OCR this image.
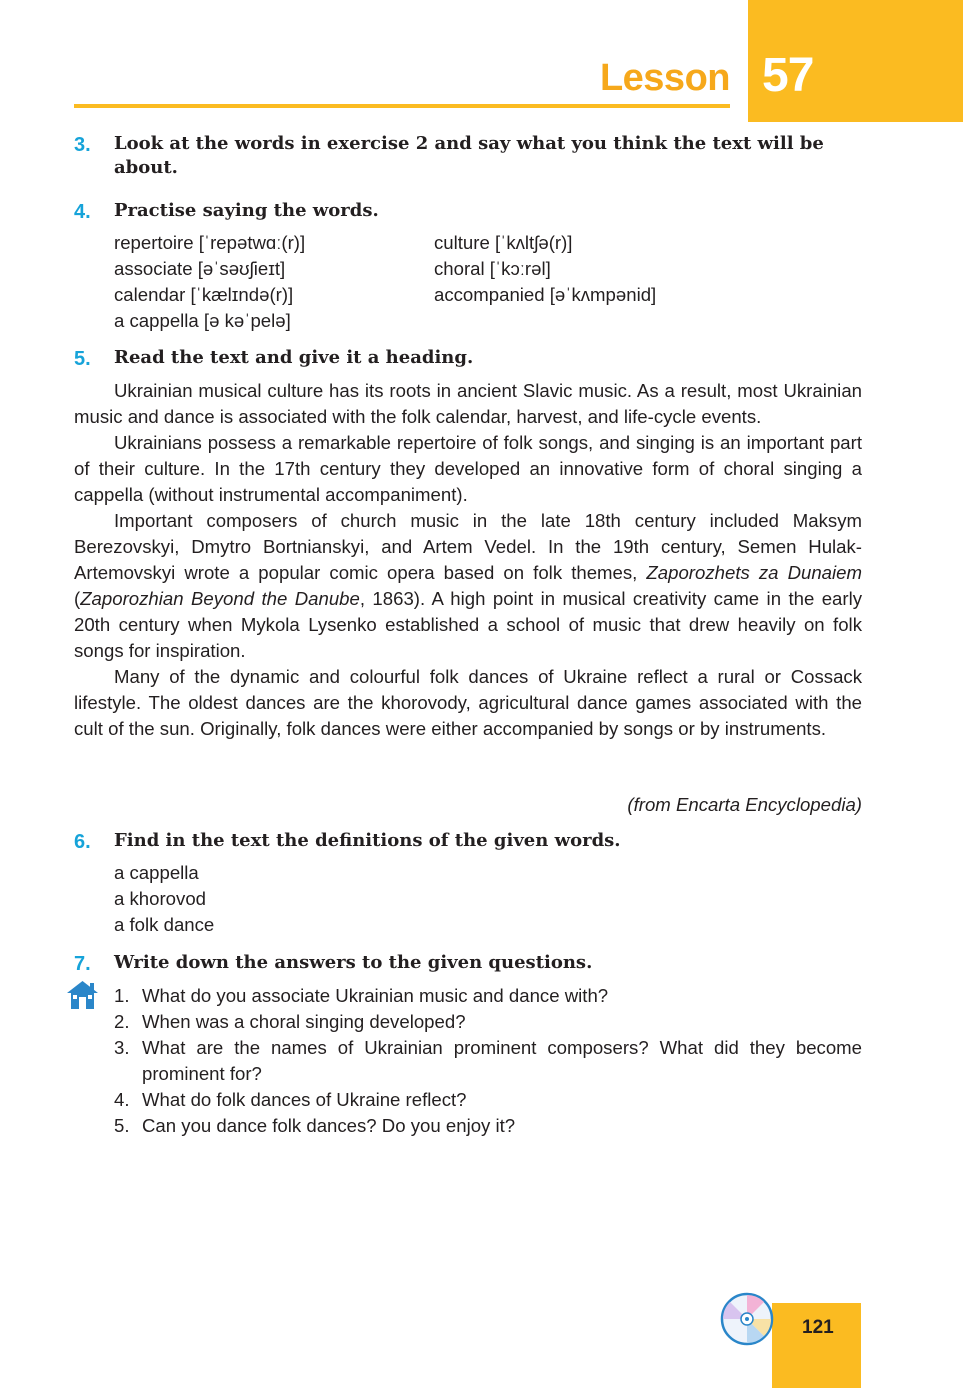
Lesson 57
3. Look at the words in exercise 2 and say what you think the text will be about.
4. Practise saying the words.
repertoire [ˈrepətwɑː(r)]
associate [əˈsəʊʃieɪt]
calendar [ˈkælɪndə(r)]
a cappella [ə kəˈpelə]
culture [ˈkʌltʃə(r)]
choral [ˈkɔːrəl]
accompanied [əˈkʌmpənid]
5. Read the text and give it a heading.

Ukrainian musical culture has its roots in ancient Slavic music. As a result, most Ukrainian music and dance is associated with the folk calendar, harvest, and life-cycle events.

Ukrainians possess a remarkable repertoire of folk songs, and singing is an important part of their culture. In the 17th century they developed an innovative form of choral singing a cappella (without instrumental accompaniment).

Important composers of church music in the late 18th century included Maksym Berezovskyi, Dmytro Bortnianskyi, and Artem Vedel. In the 19th century, Semen Hulak-Artemovskyi wrote a popular comic opera based on folk themes, Zaporozhets za Dunaiem (Zaporozhian Beyond the Danube, 1863). A high point in musical creativity came in the early 20th century when Mykola Lysenko established a school of music that drew heavily on folk songs for inspiration.

Many of the dynamic and colourful folk dances of Ukraine reflect a rural or Cossack lifestyle. The oldest dances are the khorovody, agricultural dance games associated with the cult of the sun. Originally, folk dances were either accompanied by songs or by instruments.

(from Encarta Encyclopedia)
6. Find in the text the definitions of the given words.
a cappella
a khorovod
a folk dance
7. Write down the answers to the given questions.
1. What do you associate Ukrainian music and dance with?
2. When was a choral singing developed?
3. What are the names of Ukrainian prominent composers? What did they become prominent for?
4. What do folk dances of Ukraine reflect?
5. Can you dance folk dances? Do you enjoy it?
121
